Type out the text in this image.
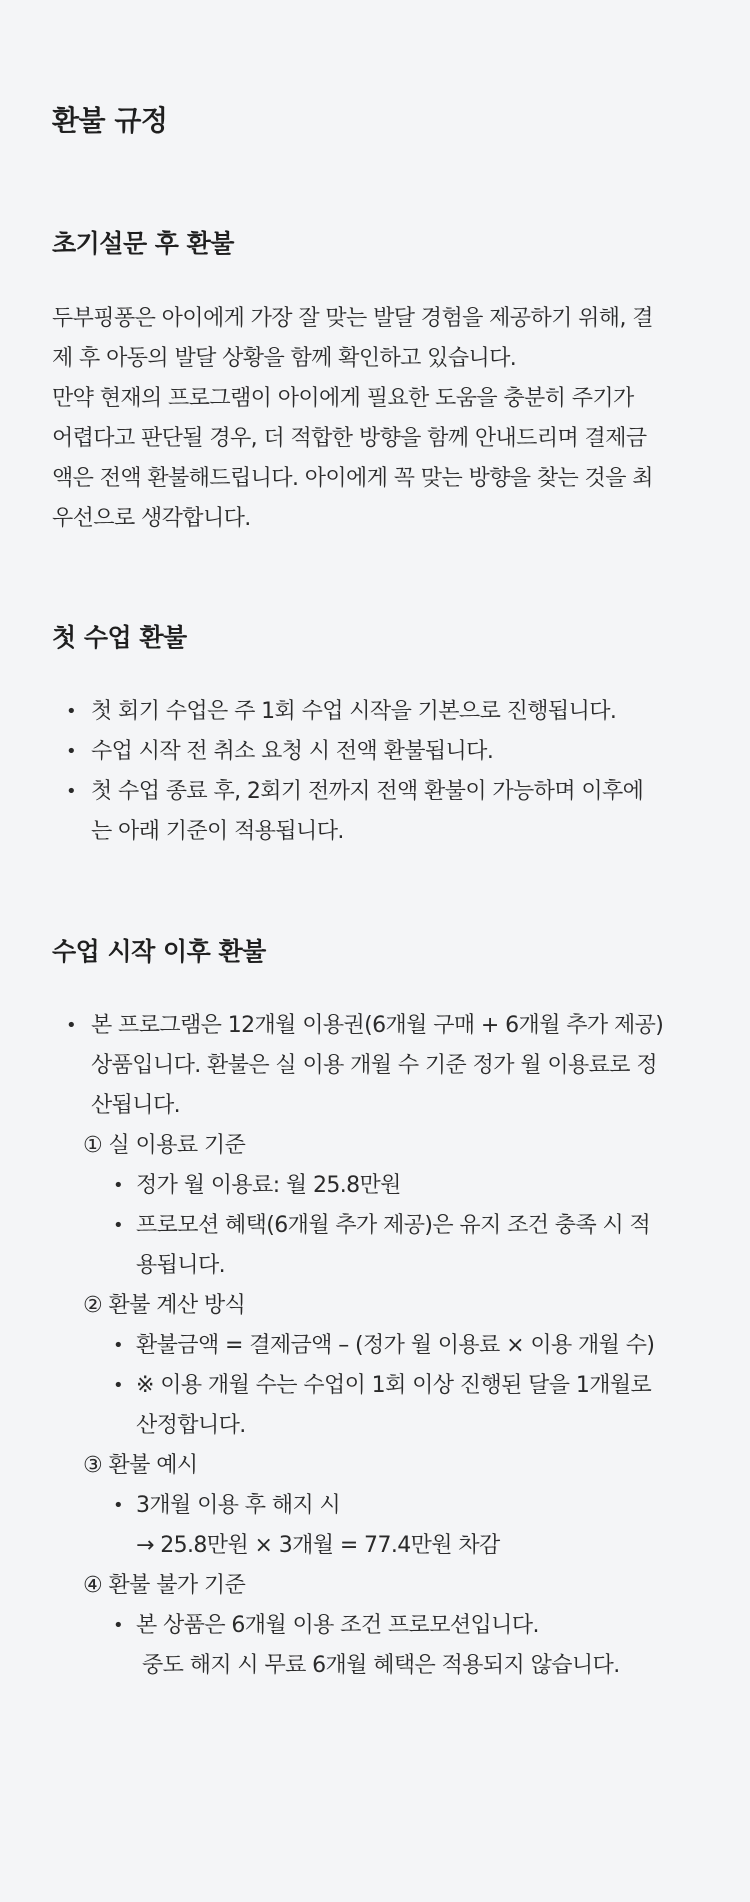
환불 규정
초기설문 후 환불
두부핑퐁은 아이에게 가장 잘 맞는 발달 경험을 제공하기 위해, 결
제 후 아동의 발달 상황을 함께 확인하고 있습니다.
만약 현재의 프로그램이 아이에게 필요한 도움을 충분히 주기가
어렵다고 판단될 경우, 더 적합한 방향을 함께 안내드리며 결제금
액은 전액 환불해드립니다. 아이에게 꼭 맞는 방향을 찾는 것을 최
우선으로 생각합니다.
첫 수업 환불
• 첫 회기 수업은 주 1회 수업 시작을 기본으로 진행됩니다.
• 수업 시작 전 취소 요청 시 전액 환불됩니다.
• 첫 수업 종료 후, 2회기 전까지 전액 환불이 가능하며 이후에
는 아래 기준이 적용됩니다.
수업 시작 이후 환불
• 본 프로그램은 12개월 이용권(6개월 구매 + 6개월 추가 제공)
상품입니다. 환불은 실 이용 개월 수 기준 정가 월 이용료로 정
산됩니다.
① 실 이용료 기준
• 정가 월 이용료: 월 25.8만원
• 프로모션 혜택(6개월 추가 제공)은 유지 조건 충족 시 적
용됩니다.
② 환불 계산 방식
• 환불금액 = 결제금액 – (정가 월 이용료 × 이용 개월 수)
• ※ 이용 개월 수는 수업이 1회 이상 진행된 달을 1개월로
산정합니다.
③ 환불 예시
• 3개월 이용 후 해지 시
→ 25.8만원 × 3개월 = 77.4만원 차감
④ 환불 불가 기준
• 본 상품은 6개월 이용 조건 프로모션입니다.
중도 해지 시 무료 6개월 혜택은 적용되지 않습니다.
